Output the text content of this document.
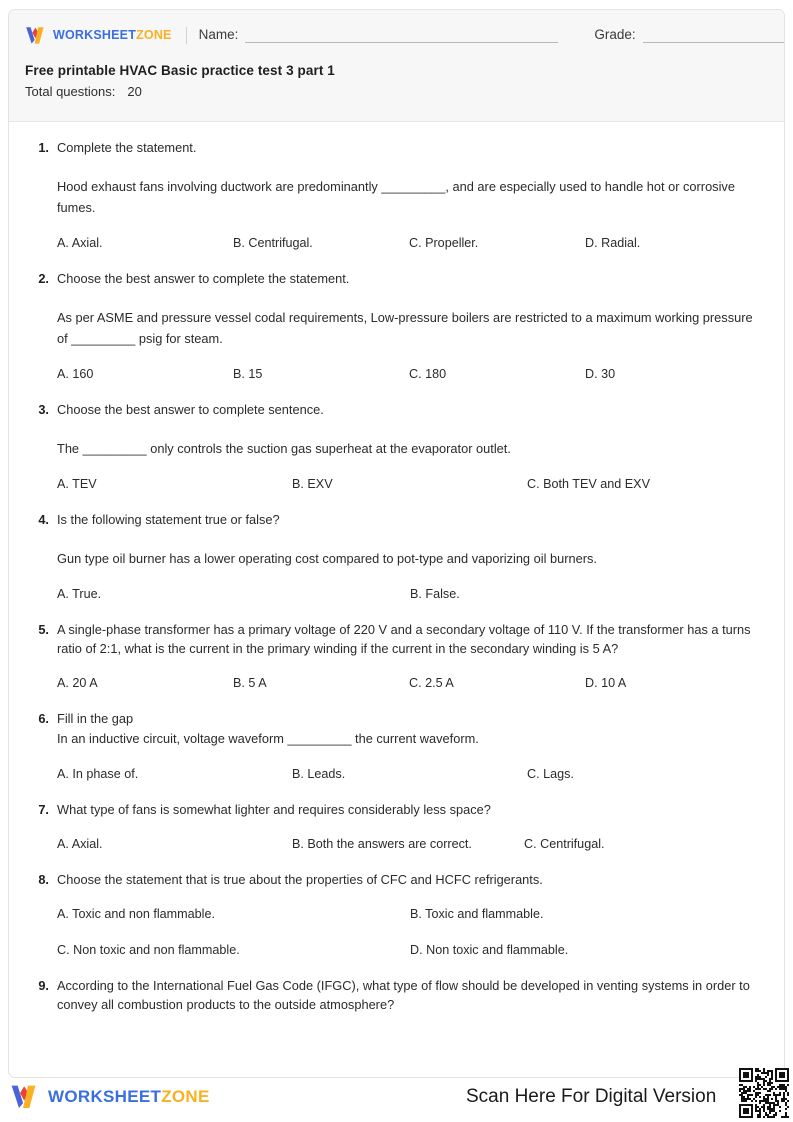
WORKSHEETZONE Name:	Grade:
Free printable HVAC Basic practice test 3 part 1
Total questions: 20
1. Complete the statement.
Hood exhaust fans involving ductwork are predominantly _________, and are especially used to handle hot or corrosive fumes.
A. Axial.	B. Centrifugal.	C. Propeller.	D. Radial.
2. Choose the best answer to complete the statement.
As per ASME and pressure vessel codal requirements, Low-pressure boilers are restricted to a maximum working pressure of _________ psig for steam.
A. 160	B. 15	C. 180	D. 30
3. Choose the best answer to complete sentence.
The _________ only controls the suction gas superheat at the evaporator outlet.
A. TEV	B. EXV	C. Both TEV and EXV
4. Is the following statement true or false?
Gun type oil burner has a lower operating cost compared to pot-type and vaporizing oil burners.
A. True.	B. False.
5. A single-phase transformer has a primary voltage of 220 V and a secondary voltage of 110 V. If the transformer has a turns ratio of 2:1, what is the current in the primary winding if the current in the secondary winding is 5 A?
A. 20 A	B. 5 A	C. 2.5 A	D. 10 A
6. Fill in the gap
In an inductive circuit, voltage waveform _________ the current waveform.
A. In phase of.	B. Leads.	C. Lags.
7. What type of fans is somewhat lighter and requires considerably less space?
A. Axial.	B. Both the answers are correct.	C. Centrifugal.
8. Choose the statement that is true about the properties of CFC and HCFC refrigerants.
A. Toxic and non flammable.	B. Toxic and flammable.
C. Non toxic and non flammable.	D. Non toxic and flammable.
9. According to the International Fuel Gas Code (IFGC), what type of flow should be developed in venting systems in order to convey all combustion products to the outside atmosphere?
WORKSHEETZONE	Scan Here For Digital Version
